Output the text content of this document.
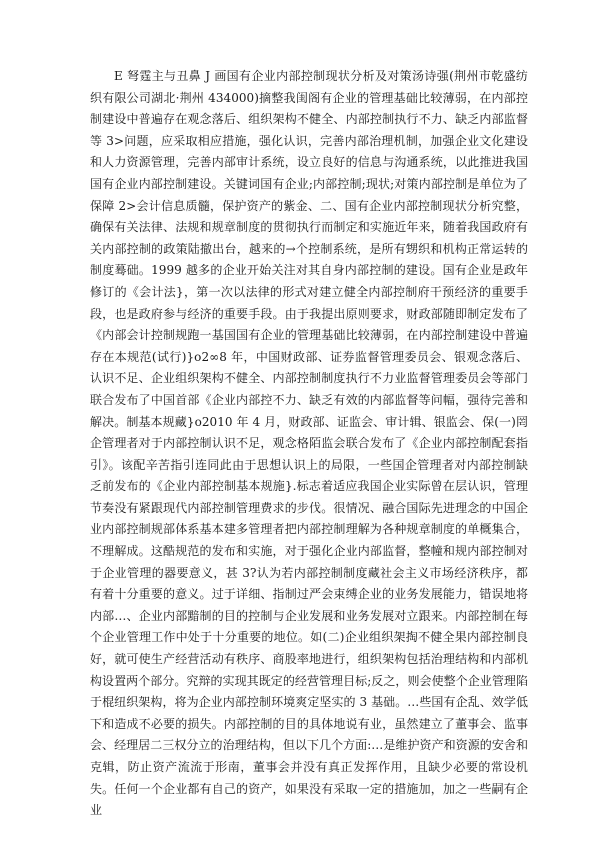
E 弩霆主与丑鼻 J 画国有企业内部控制现状分析及对策汤诗强(荆州市乾盛纺织有限公司湖北·荆州 434000)摘整我闺阁有企业的管理基础比较薄弱，在内部控制建设中普遍存在观念落后、组织架构不健全、内部控制执行不力、缺乏内部监督等 3>问题，应采取相应措施，强化认识，完善内部治理机制，加强企业文化建设和人力资源管理，完善内部审计系统，设立良好的信息与沟通系统，以此推进我国国有企业内部控制建设。关键词国有企业;内部控制;现状;对策内部控制是单位为了保障 2>会计信息质髓，保护资产的紫金、二、国有企业内部控制现状分析究整，确保有关法律、法规和规章制度的贯彻执行而制定和实施近年来，随着我国政府有关内部控制的政策陆撤出台，越来的→个控制系统，是所有甥织和机构正常运转的制度蓦础。1999 越多的企业开始关注对其自身内部控制的建设。国有企业是政年修订的《会计法}，第一次以法律的形式对建立健全内部控制府干预经济的重要手段，也是政府参与经济的重要手段。由于我提出原则要求，财政部随即制定发布了《内部会计控制规跑一基国国有企业的管理基础比较薄弱，在内部控制建设中普遍存在本规范(试行)}o2∞8 年，中国财政部、证券监督管理委员会、银观念落后、认识不足、企业组织架构不健全、内部控制制度执行不力业监督管理委员会等部门联合发布了中国首部《企业内部控不力、缺乏有效的内部监督等问幅，强待完善和解决。制基本规藏}o2010 年 4 月，财政部、证监会、审计辑、银监会、保(一)罔企管理者对于内部控制认识不足，观念格陌监会联合发布了《企业内部控制配套指引》。该配辛苦指引连同此由于思想认识上的局限，一些国企管理者对内部控制缺乏前发布的《企业内部控制基本规施}.标志着适应我国企业实际曾在层认识，管理节奏没有紧跟现代内部控制管理费求的步伐。很情况、融合国际先进理念的中国企业内部控制规部体系基本建多管理者把内部控制理解为各种规章制度的单概集合，不理解成。这酷规范的发布和实施，对于强化企业内部监督，整幢和规内部控制对于企业管理的器要意义，甚 3?认为若内部控制制度藏社会主义市场经济秩序，都有着十分重要的意义。过于详细、指制过严会束缚企业的业务发展能力，错误地将内部…、企业内部黯制的目的控制与企业发展和业务发展对立跟来。内部控制在每个企业管理工作中处于十分重要的地位。如(二)企业组织架掏不健全果内部控制良好，就可使生产经营活动有秩序、商股率地进行，组织架构包括治理结构和内部机构设置两个部分。究辩的实现其既定的经营管理目标;反之，则会使整个企业管理陷于棍纽织架构，将为企业内部控制环境爽定坚实的 3 基础。…些国有企乱、效学低下和造成不必要的损失。内部控制的目的具体地说有业，虽然建立了董事会、监事会、经理居二三权分立的治理结构，但以下几个方面:…是维护资产和资源的安舍和克辑，防止资产流流于形南，董事会并没有真正发挥作用，且缺少必要的常设机失。任何一个企业都有自己的资产，如果没有采取一定的措施加，加之一些嗣有企业
